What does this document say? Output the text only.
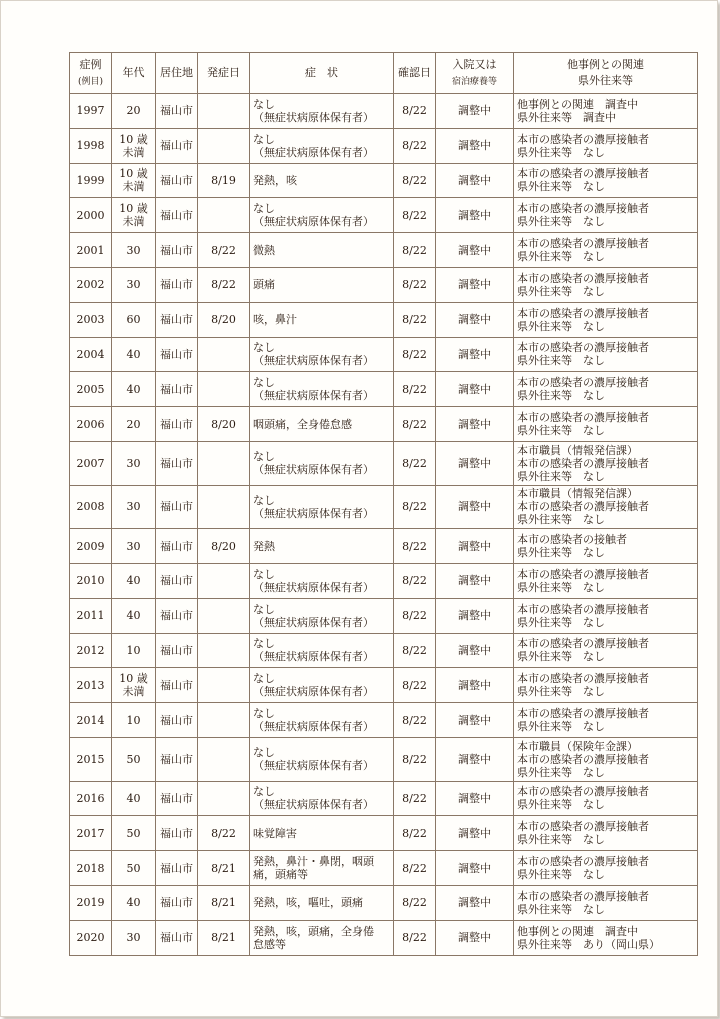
症例
(例目)	年代	居住地	発症日	症　状	確認日	入院又は
宿泊療養等	他事例との関連
県外往来等
1997	20	福山市		なし
（無症状病原体保有者）	8/22	調整中	他事例との関連　調査中
県外往来等　調査中
1998	10 歳
未満	福山市		なし
（無症状病原体保有者）	8/22	調整中	本市の感染者の濃厚接触者
県外往来等　なし
1999	10 歳
未満	福山市	8/19	発熱，咳	8/22	調整中	本市の感染者の濃厚接触者
県外往来等　なし
2000	10 歳
未満	福山市		なし
（無症状病原体保有者）	8/22	調整中	本市の感染者の濃厚接触者
県外往来等　なし
2001	30	福山市	8/22	微熱	8/22	調整中	本市の感染者の濃厚接触者
県外往来等　なし
2002	30	福山市	8/22	頭痛	8/22	調整中	本市の感染者の濃厚接触者
県外往来等　なし
2003	60	福山市	8/20	咳，鼻汁	8/22	調整中	本市の感染者の濃厚接触者
県外往来等　なし
2004	40	福山市		なし
（無症状病原体保有者）	8/22	調整中	本市の感染者の濃厚接触者
県外往来等　なし
2005	40	福山市		なし
（無症状病原体保有者）	8/22	調整中	本市の感染者の濃厚接触者
県外往来等　なし
2006	20	福山市	8/20	咽頭痛，全身倦怠感	8/22	調整中	本市の感染者の濃厚接触者
県外往来等　なし
2007	30	福山市		なし
（無症状病原体保有者）	8/22	調整中	本市職員（情報発信課）
本市の感染者の濃厚接触者
県外往来等　なし
2008	30	福山市		なし
（無症状病原体保有者）	8/22	調整中	本市職員（情報発信課）
本市の感染者の濃厚接触者
県外往来等　なし
2009	30	福山市	8/20	発熱	8/22	調整中	本市の感染者の接触者
県外往来等　なし
2010	40	福山市		なし
（無症状病原体保有者）	8/22	調整中	本市の感染者の濃厚接触者
県外往来等　なし
2011	40	福山市		なし
（無症状病原体保有者）	8/22	調整中	本市の感染者の濃厚接触者
県外往来等　なし
2012	10	福山市		なし
（無症状病原体保有者）	8/22	調整中	本市の感染者の濃厚接触者
県外往来等　なし
2013	10 歳
未満	福山市		なし
（無症状病原体保有者）	8/22	調整中	本市の感染者の濃厚接触者
県外往来等　なし
2014	10	福山市		なし
（無症状病原体保有者）	8/22	調整中	本市の感染者の濃厚接触者
県外往来等　なし
2015	50	福山市		なし
（無症状病原体保有者）	8/22	調整中	本市職員（保険年金課）
本市の感染者の濃厚接触者
県外往来等　なし
2016	40	福山市		なし
（無症状病原体保有者）	8/22	調整中	本市の感染者の濃厚接触者
県外往来等　なし
2017	50	福山市	8/22	味覚障害	8/22	調整中	本市の感染者の濃厚接触者
県外往来等　なし
2018	50	福山市	8/21	発熱，鼻汁・鼻閉，咽頭
痛，頭痛等	8/22	調整中	本市の感染者の濃厚接触者
県外往来等　なし
2019	40	福山市	8/21	発熱，咳，嘔吐，頭痛	8/22	調整中	本市の感染者の濃厚接触者
県外往来等　なし
2020	30	福山市	8/21	発熱，咳，頭痛，全身倦
怠感等	8/22	調整中	他事例との関連　調査中
県外往来等　あり（岡山県）
